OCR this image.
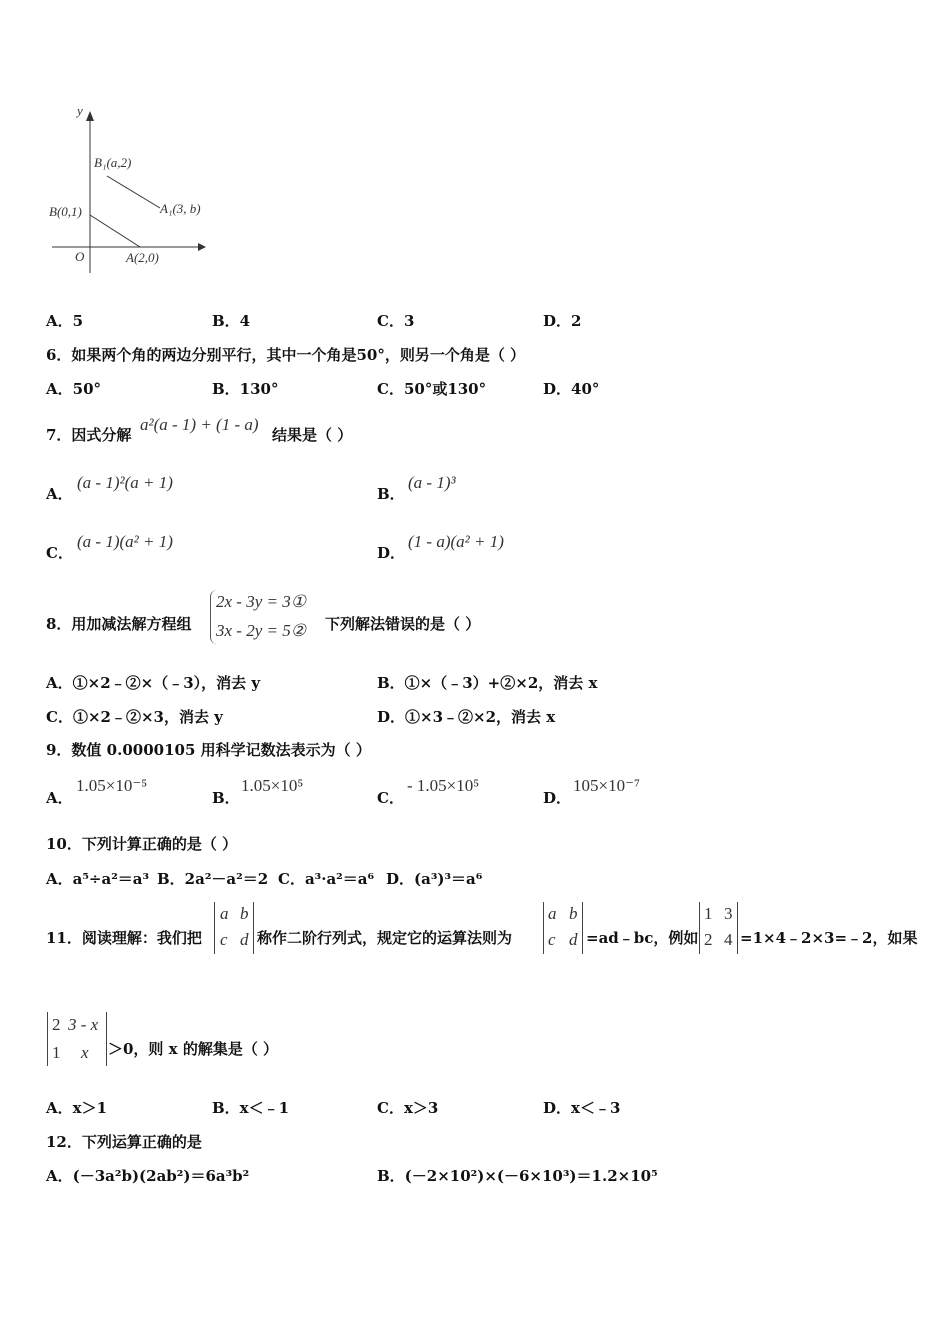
y
O
B₁(a,2)
A₁(3, b)
B(0,1)
A(2,0)
A．5	B．4	C．3	D．2
6．如果两个角的两边分别平行，其中一个角是50°，则另一个角是（ ）
A．50°	B．130°	C．50°或130°	D．40°
7．因式分解
a²(a - 1) + (1 - a)
结果是（ ）
A．
(a - 1)²(a + 1)
B．
(a - 1)³
C．
(a - 1)(a² + 1)
D．
(1 - a)(a² + 1)
8．用加减法解方程组
2x - 3y = 3①
3x - 2y = 5② 下列解法错误的是（ ）
A．①×2﹣②×（﹣3），消去 y	B．①×（﹣3）+②×2，消去 x
C．①×2﹣②×3，消去 y	D．①×3﹣②×2，消去 x
9．数值 0.0000105 用科学记数法表示为（ ）
A．
1.05×10⁻⁵
B．
1.05×10⁵
C．
- 1.05×10⁵
D．
105×10⁻⁷
10．下列计算正确的是（ ）
A．a⁵÷a²＝a³ B．2a²－a²＝2 C．a³·a²＝a⁶ D．(a³)³＝a⁶
11．阅读理解：我们把
a b
c d 称作二阶行列式，规定它的运算法则为
a b
c d =ad﹣bc，例如
1 3
2 4 =1×4﹣2×3=﹣2，如果
2 3 - x
1 x ＞0，则 x 的解集是（ ）
A．x＞1	B．x＜﹣1	C．x＞3	D．x＜﹣3
12．下列运算正确的是
A．(－3a²b)(2ab²)＝6a³b²	B．(－2×10²)×(－6×10³)＝1.2×10⁵
